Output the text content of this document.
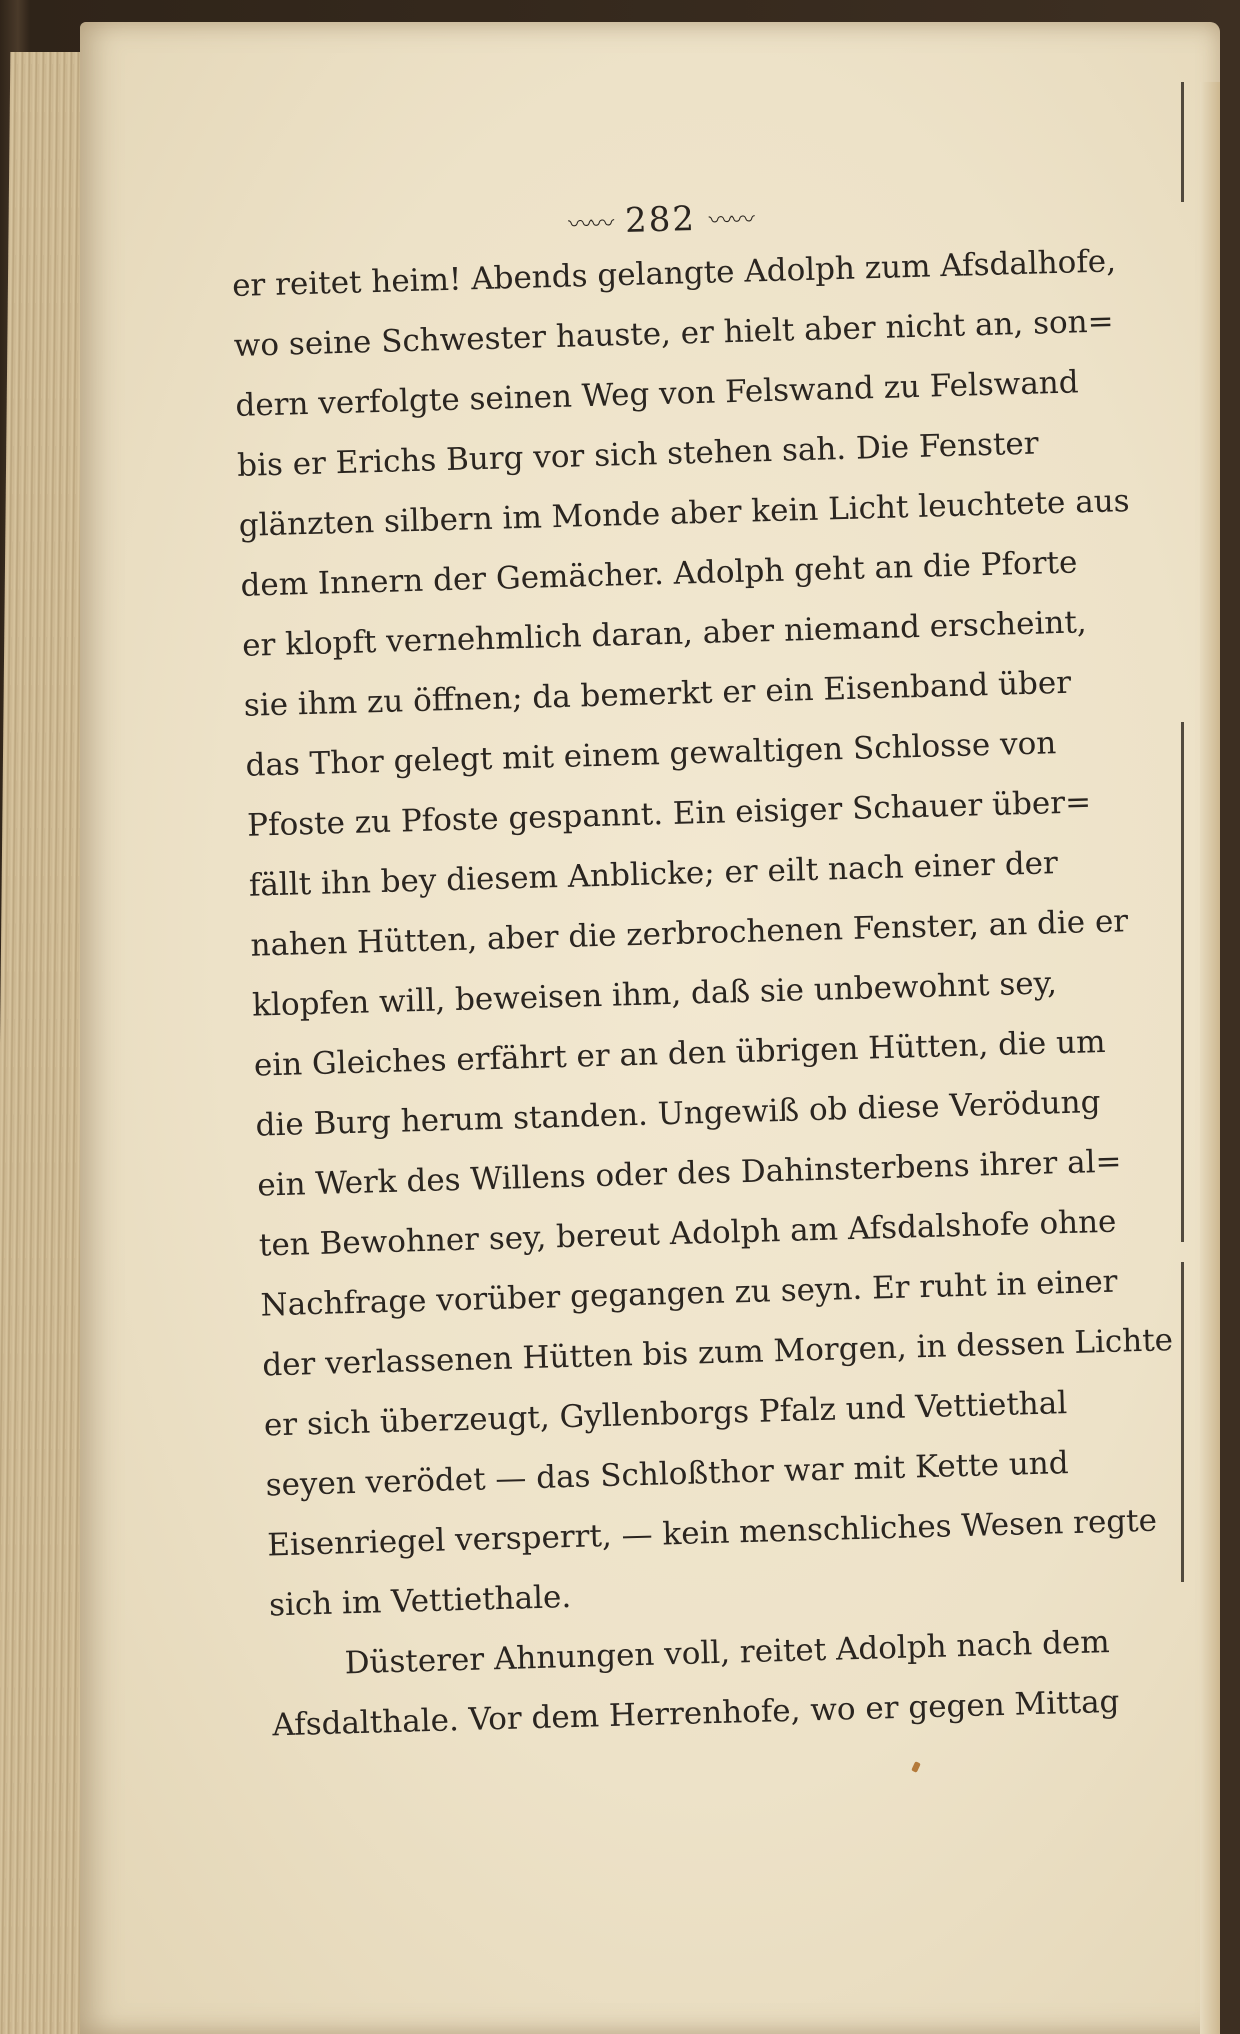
〰〰 282 〰〰
er reitet heim! Abends gelangte Adolph zum Afsdalhofe,
wo seine Schwester hauste, er hielt aber nicht an, son=
dern verfolgte seinen Weg von Felswand zu Felswand
bis er Erichs Burg vor sich stehen sah. Die Fenster
glänzten silbern im Monde aber kein Licht leuchtete aus
dem Innern der Gemächer. Adolph geht an die Pforte
er klopft vernehmlich daran, aber niemand erscheint,
sie ihm zu öffnen; da bemerkt er ein Eisenband über
das Thor gelegt mit einem gewaltigen Schlosse von
Pfoste zu Pfoste gespannt. Ein eisiger Schauer über=
fällt ihn bey diesem Anblicke; er eilt nach einer der
nahen Hütten, aber die zerbrochenen Fenster, an die er
klopfen will, beweisen ihm, daß sie unbewohnt sey,
ein Gleiches erfährt er an den übrigen Hütten, die um
die Burg herum standen. Ungewiß ob diese Verödung
ein Werk des Willens oder des Dahinsterbens ihrer al=
ten Bewohner sey, bereut Adolph am Afsdalshofe ohne
Nachfrage vorüber gegangen zu seyn. Er ruht in einer
der verlassenen Hütten bis zum Morgen, in dessen Lichte
er sich überzeugt, Gyllenborgs Pfalz und Vettiethal
seyen verödet — das Schloßthor war mit Kette und
Eisenriegel versperrt, — kein menschliches Wesen regte
sich im Vettiethale.
Düsterer Ahnungen voll, reitet Adolph nach dem
Afsdalthale. Vor dem Herrenhofe, wo er gegen Mittag
